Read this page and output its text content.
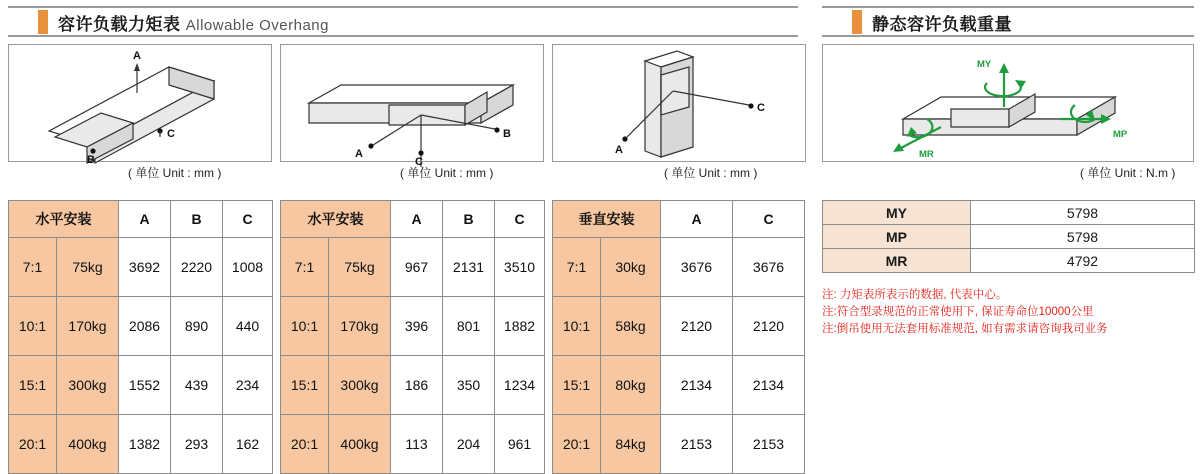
容许负载力矩表 Allowable Overhang	静态容许负载重量
A
B
C
( 单位 Unit : mm )
水平安装		A	B	C
7:1	75kg	3692	2220	1008
10:1	170kg	2086	890	440
15:1	300kg	1552	439	234
20:1	400kg	1382	293	162
A
C
B
( 单位 Unit : mm )
水平安装		A	B	C
7:1	75kg	967	2131	3510
10:1	170kg	396	801	1882
15:1	300kg	186	350	1234
20:1	400kg	113	204	961
C
A
( 单位 Unit : mm )
垂直安装		A	C
7:1	30kg	3676	3676
10:1	58kg	2120	2120
15:1	80kg	2134	2134
20:1	84kg	2153	2153
MY
MP
MR
( 单位 Unit : N.m )
MY	5798
MP	5798
MR	4792
注: 力矩表所表示的数据, 代表中心。
注:符合型录规范的正常使用下, 保证寿命位10000公里
注:倒吊使用无法套用标准规范, 如有需求请咨询我司业务
